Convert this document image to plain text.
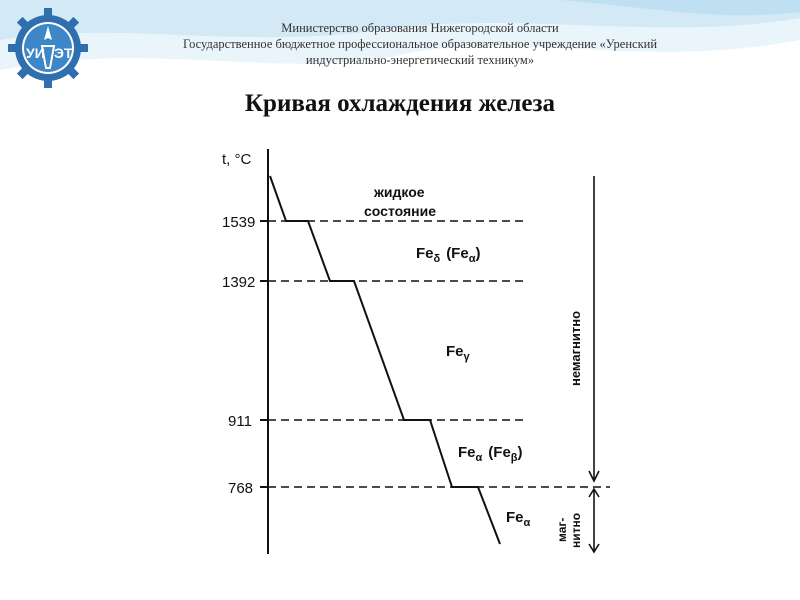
УИ ЭТ
Министерство образования Нижегородской области
Государственное бюджетное профессиональное образовательное учреждение «Уренский
индустриально-энергетический техникум»
Кривая охлаждения железа
t, °C
1539
1392
911
768
жидкое
состояние
$Fe_\delta$ $(Fe_\alpha)$
$Fe_\gamma$
$Fe_\alpha$ $(Fe_\beta)$
$Fe_\alpha$
немагнитно
маг- нитно
